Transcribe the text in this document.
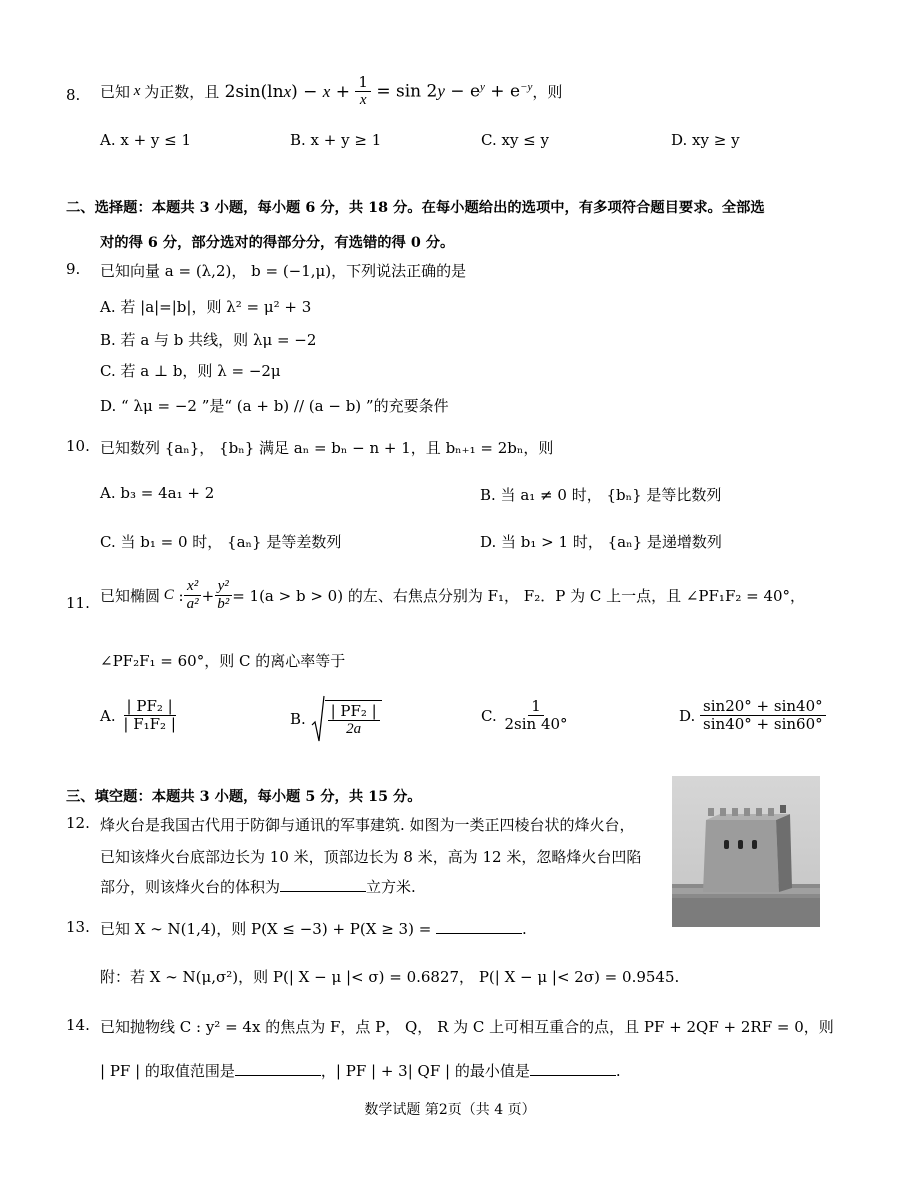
8. 已知 x 为正数，且 $2\sin(\ln x) - x + \frac{1}{x} = \sin 2y - e^y + e^{-y}$ ，则
A. x + y ≤ 1	B. x + y ≥ 1	C. xy ≤ y	D. xy ≥ y
二、选择题：本题共 3 小题，每小题 6 分，共 18 分。在每小题给出的选项中，有多项符合题目要求。全部选
对的得 6 分，部分选对的得部分分，有选错的得 0 分。
9. 已知向量 a = (λ,2)， b = (−1,μ)，下列说法正确的是
A. 若 |a|=|b|，则 λ² = μ² + 3
B. 若 a 与 b 共线，则 λμ = −2
C. 若 a ⊥ b，则 λ = −2μ
D. “ λμ = −2 ”是“ (a + b) // (a − b) ”的充要条件
10. 已知数列 {aₙ}， {bₙ} 满足 aₙ = bₙ − n + 1，且 bₙ₊₁ = 2bₙ，则
A. b₃ = 4a₁ + 2	B. 当 a₁ ≠ 0 时， {bₙ} 是等比数列
C. 当 b₁ = 0 时， {aₙ} 是等差数列	D. 当 b₁ > 1 时， {aₙ} 是递增数列
11. 已知椭圆 C : $\frac{\text{x²}}{\text{a²}} + \frac{\text{y²}}{\text{b²}} = 1(a > b > 0)$ 的左、右焦点分别为 F₁， F₂．P 为 C 上一点，且 ∠PF₁F₂ = 40°，
∠PF₂F₁ = 60°，则 C 的离心率等于
A.
$\frac{\text{| PF₂ |}}{\text{| F₁F₂ |}}$	B.
$\frac{\text{| PF₂ |}}{2a}$	C.
$\frac{1}{2\sin 40^\circ}$	D.
$\frac{\sin 20^\circ + \sin 40^\circ}{\sin 40^\circ + \sin 60^\circ}$
三、填空题：本题共 3 小题，每小题 5 分，共 15 分。
12. 烽火台是我国古代用于防御与通讯的军事建筑. 如图为一类正四棱台状的烽火台，
已知该烽火台底部边长为 10 米，顶部边长为 8 米，高为 12 米，忽略烽火台凹陷
部分，则该烽火台的体积为	立方米.
13. 已知 X ∼ N(1,4)，则 P(X ≤ −3) + P(X ≥ 3) =	.
附：若 X ∼ N(μ,σ²)，则 P(| X − μ |< σ) = 0.6827， P(| X − μ |< 2σ) = 0.9545.
14. 已知抛物线 C : y² = 4x 的焦点为 F，点 P， Q， R 为 C 上可相互重合的点，且 PF + 2QF + 2RF = 0，则
| PF | 的取值范围是	，| PF | + 3| QF | 的最小值是	.
数学试题 第2页（共 4 页）
